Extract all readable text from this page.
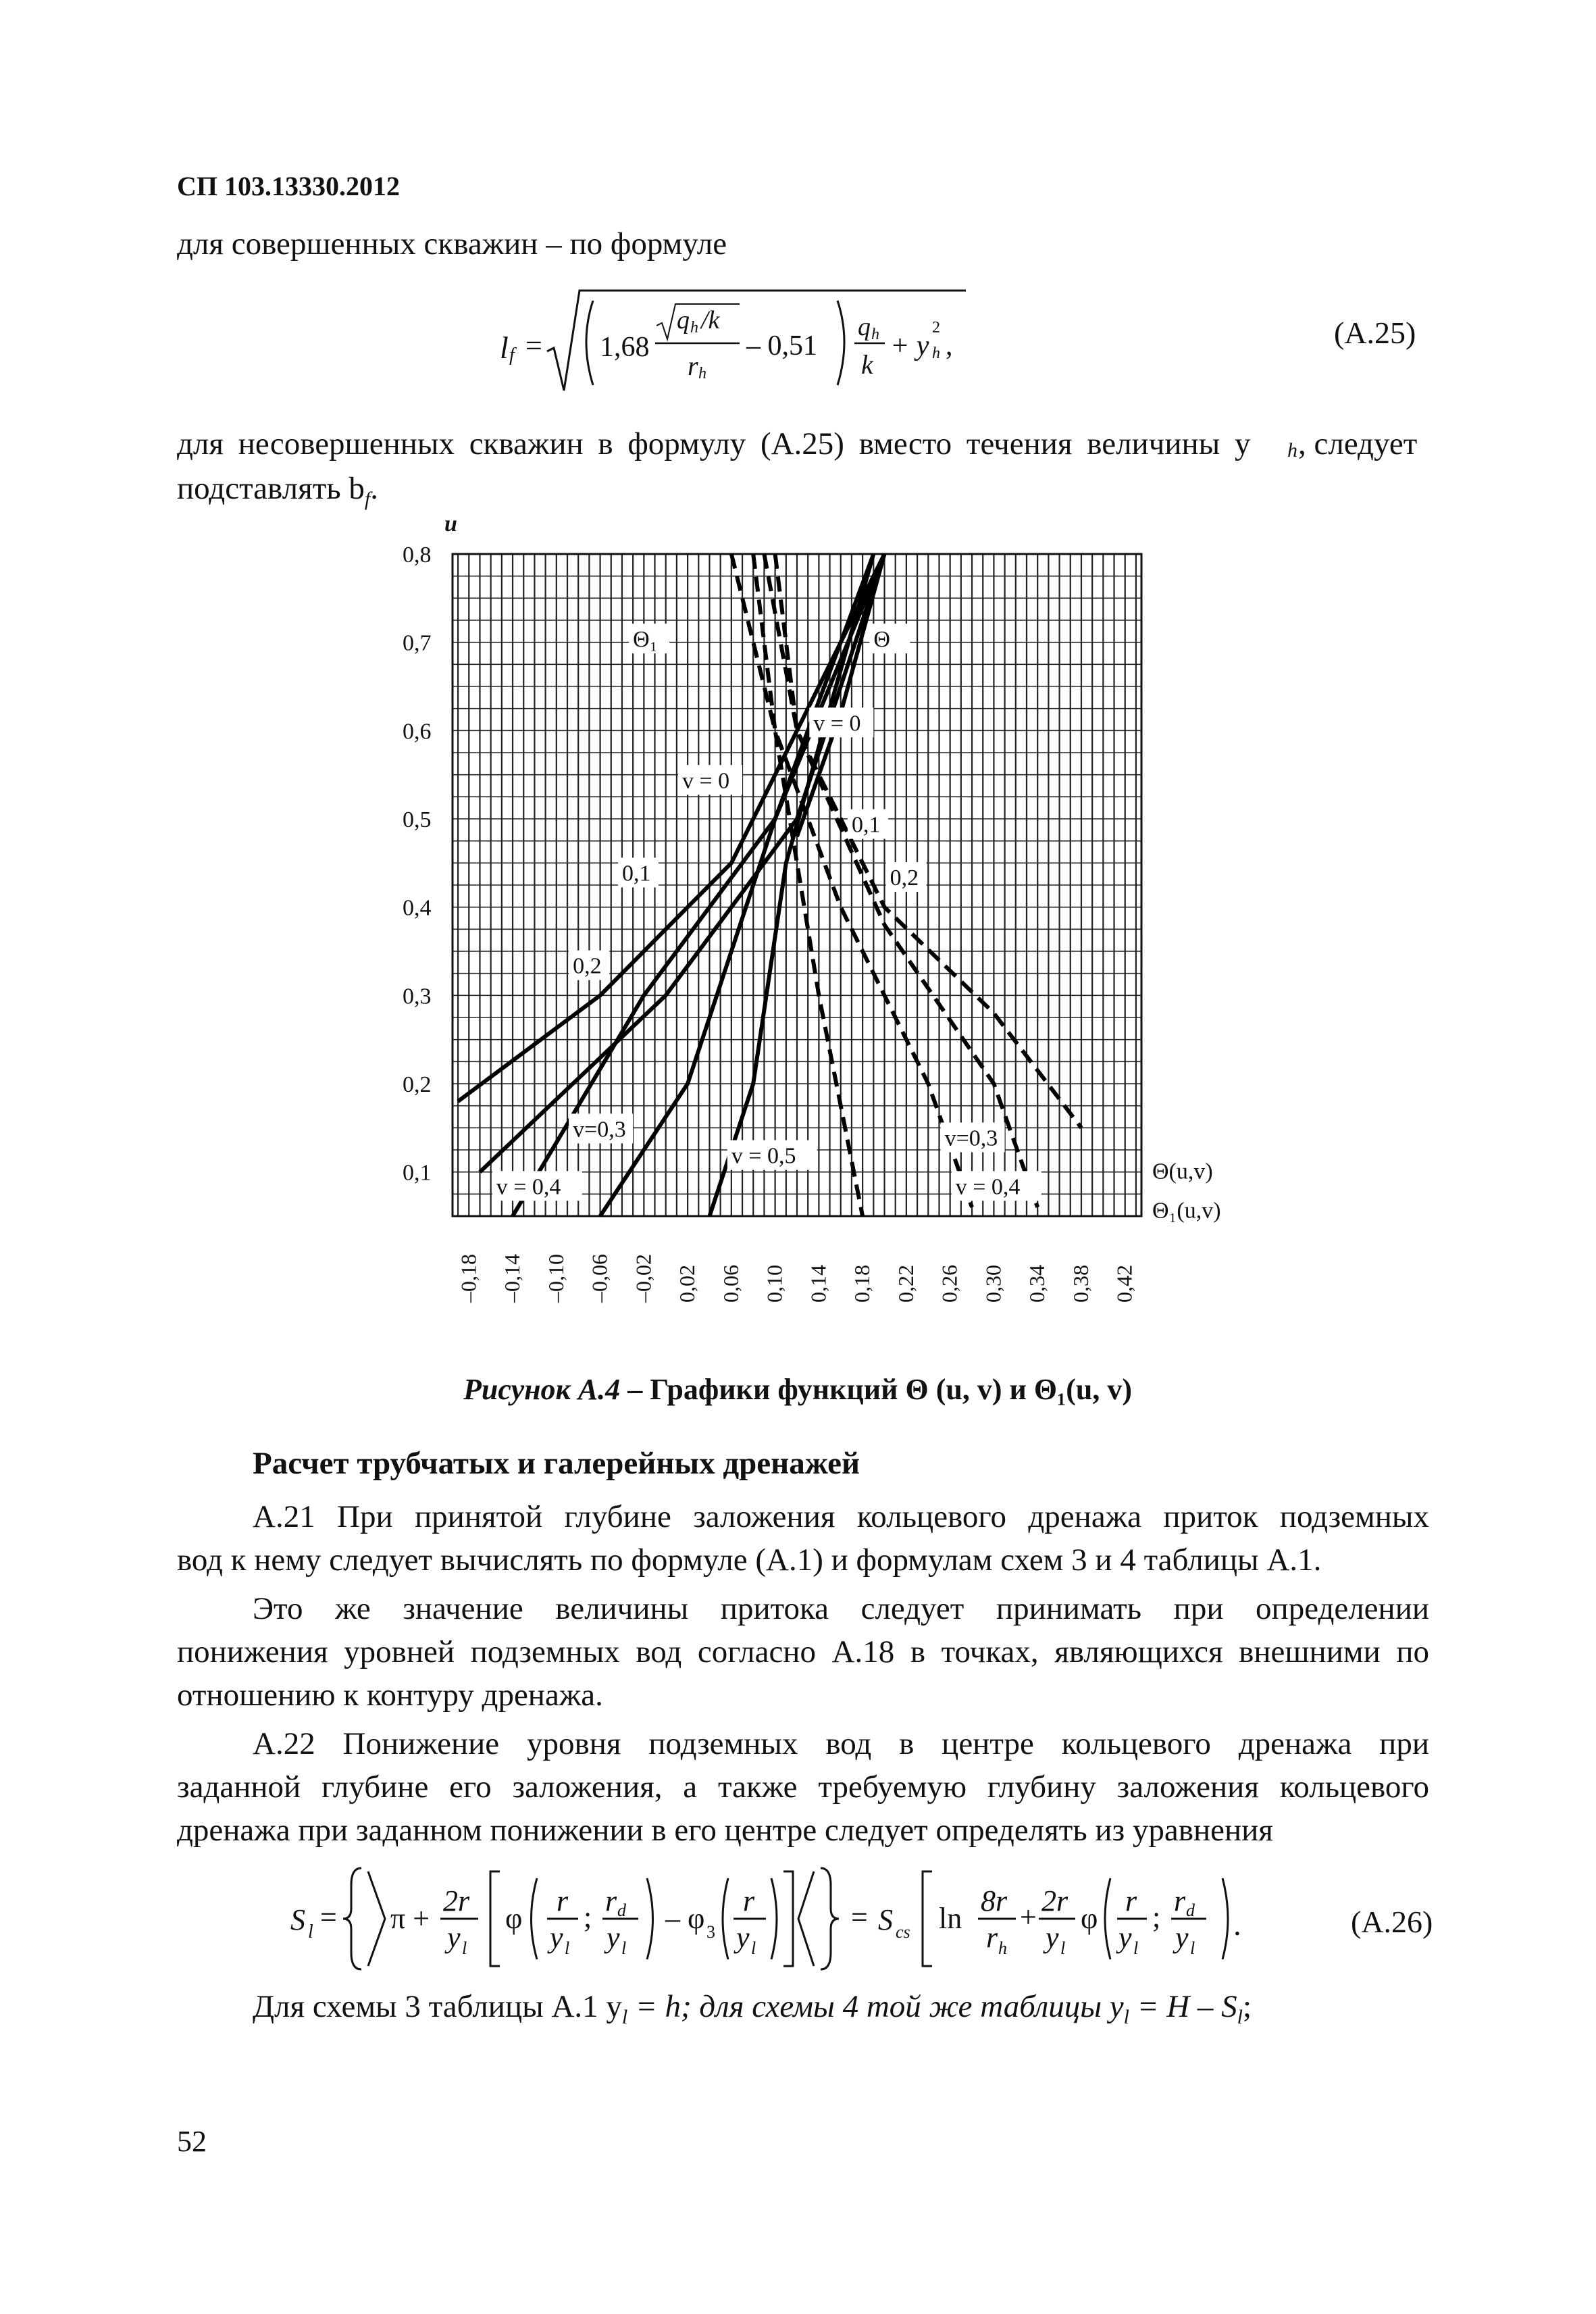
СП 103.13330.2012
для совершенных скважин – по формуле
l f = 1,68
q h /k
r h
– 0,51
q h
k
+ y h
2
,	(А.25)
для несовершенных скважин в формулу (А.25) вместо течения величины y h , следует
подставлять $b_f$.
u
0,1
0,2
0,3
0,4
0,5
0,6
0,7
0,8
–0,18 –0,14 –0,10 –0,06 –0,02 0,02 0,06 0,10 0,14 0,18 0,22 0,26 0,30 0,34 0,38 0,42
Θ₁	Θ
v = 0
v = 0
0,1
0,1	0,2
0,2
v=0,3
v = 0,4
v = 0,5
v=0,3
v = 0,4
Θ(u,v)
Θ₁(u,v)
Рисунок А.4 – Графики функций Θ (u, v) и Θ₁(u, v)
Расчет трубчатых и галерейных дренажей
А.21 При принятой глубине заложения кольцевого дренажа приток подземных
вод к нему следует вычислять по формуле (А.1) и формулам схем 3 и 4 таблицы А.1.
Это же значение величины притока следует принимать при определении
понижения уровней подземных вод согласно А.18 в точках, являющихся внешними по
отношению к контуру дренажа.
А.22 Понижение уровня подземных вод в центре кольцевого дренажа при
заданной глубине его заложения, а также требуемую глубину заложения кольцевого
дренажа при заданном понижении в его центре следует определять из уравнения
S l = π +
2r
y l
φ
r
y l
; r d
y l
– φ 3
r
y l
= S cs ln
8r
r h
+ 2r
y l
φ
r
y l
; r d
y l
.	(А.26)
Для схемы 3 таблицы А.1 $y_l = h$; для схемы 4 той же таблицы $y_l = H - S_l$;
52
